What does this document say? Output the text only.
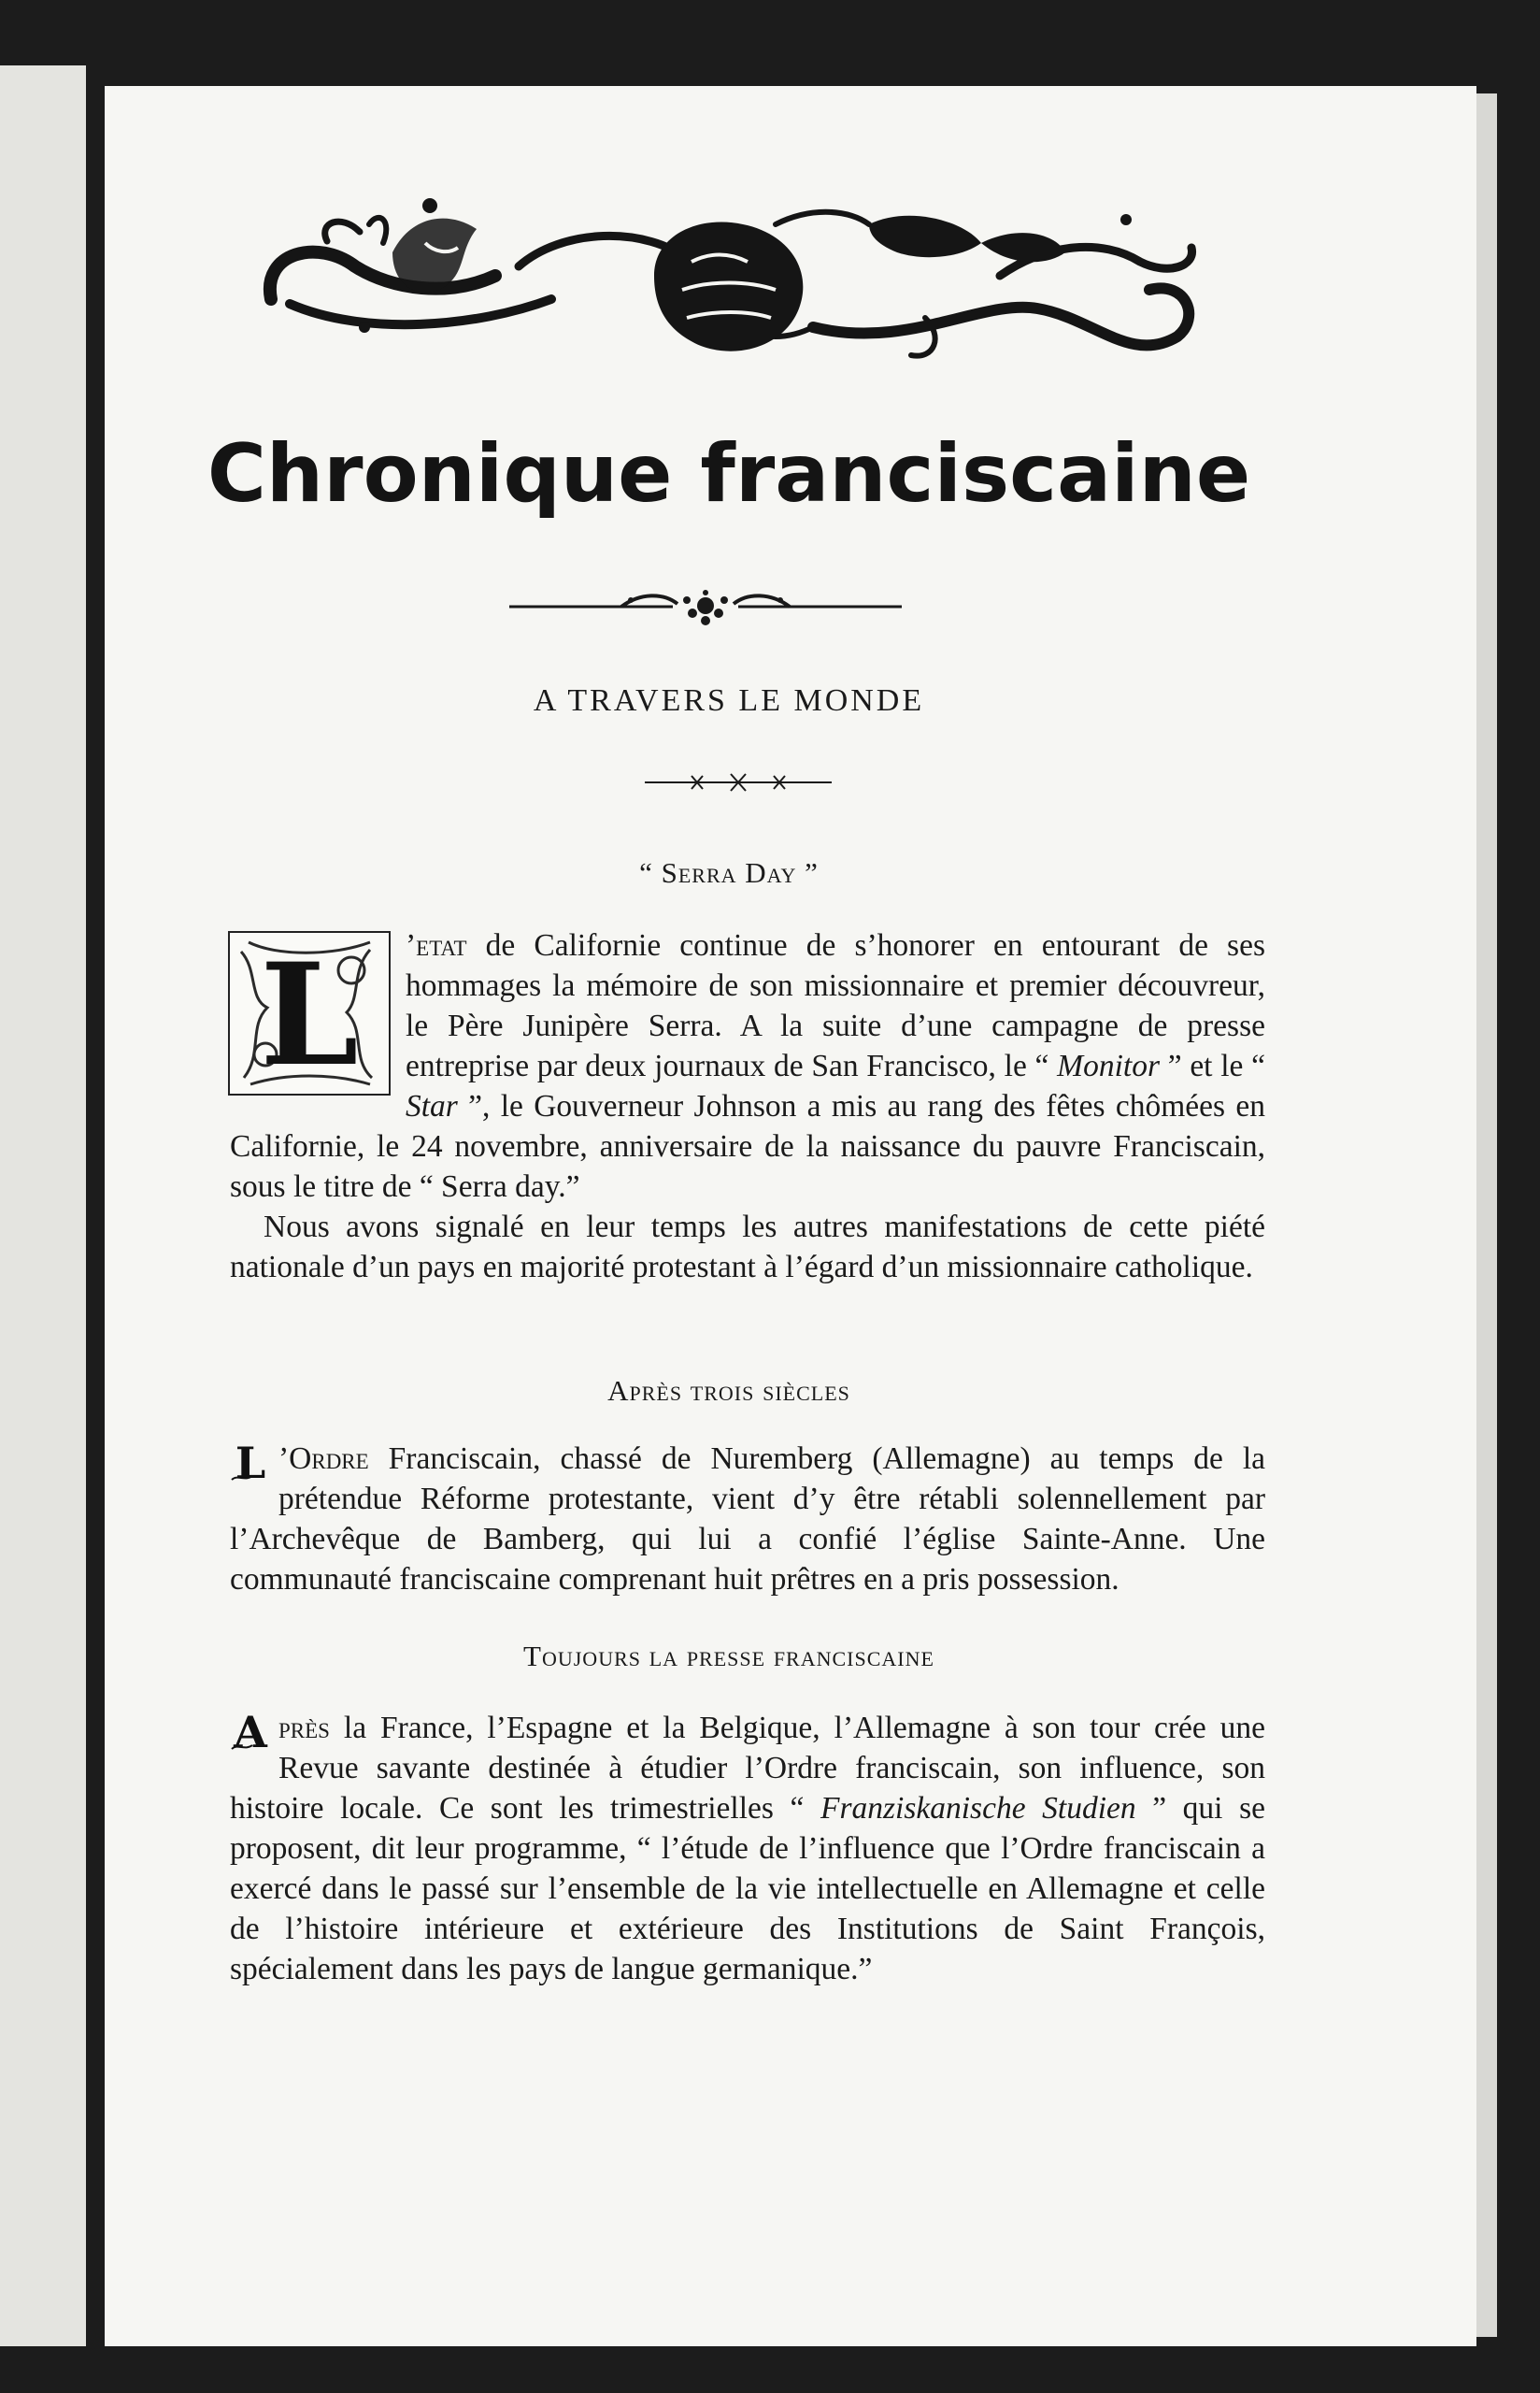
Chronique franciscaine
A TRAVERS LE MONDE
“ Serra Day ”

L ’etat de Californie continue de s’honorer en entourant de ses hommages la mémoire de son missionnaire et premier découvreur, le Père Junipère Serra. A la suite d’une campagne de presse entreprise par deux journaux de San Francisco, le “ Monitor ” et le “ Star ”, le Gouverneur Johnson a mis au rang des fêtes chômées en Californie, le 24 novembre, anniversaire de la naissance du pauvre Franciscain, sous le titre de “ Serra day.”

Nous avons signalé en leur temps les autres manifestations de cette piété nationale d’un pays en majorité protestant à l’égard d’un missionnaire catholique.

Après trois siècles

L ’Ordre Franciscain, chassé de Nuremberg (Allemagne) au temps de la prétendue Réforme protestante, vient d’y être rétabli solennellement par l’Archevêque de Bamberg, qui lui a confié l’église Sainte-Anne. Une communauté franciscaine comprenant huit prêtres en a pris possession.

Toujours la presse franciscaine

A près la France, l’Espagne et la Belgique, l’Allemagne à son tour crée une Revue savante destinée à étudier l’Ordre franciscain, son influence, son histoire locale. Ce sont les trimestrielles “ Franziskanische Studien ” qui se proposent, dit leur programme, “ l’étude de l’influence que l’Ordre franciscain a exercé dans le passé sur l’ensemble de la vie intellectuelle en Allemagne et celle de l’histoire intérieure et extérieure des Institutions de Saint François, spécialement dans les pays de langue germanique.”
